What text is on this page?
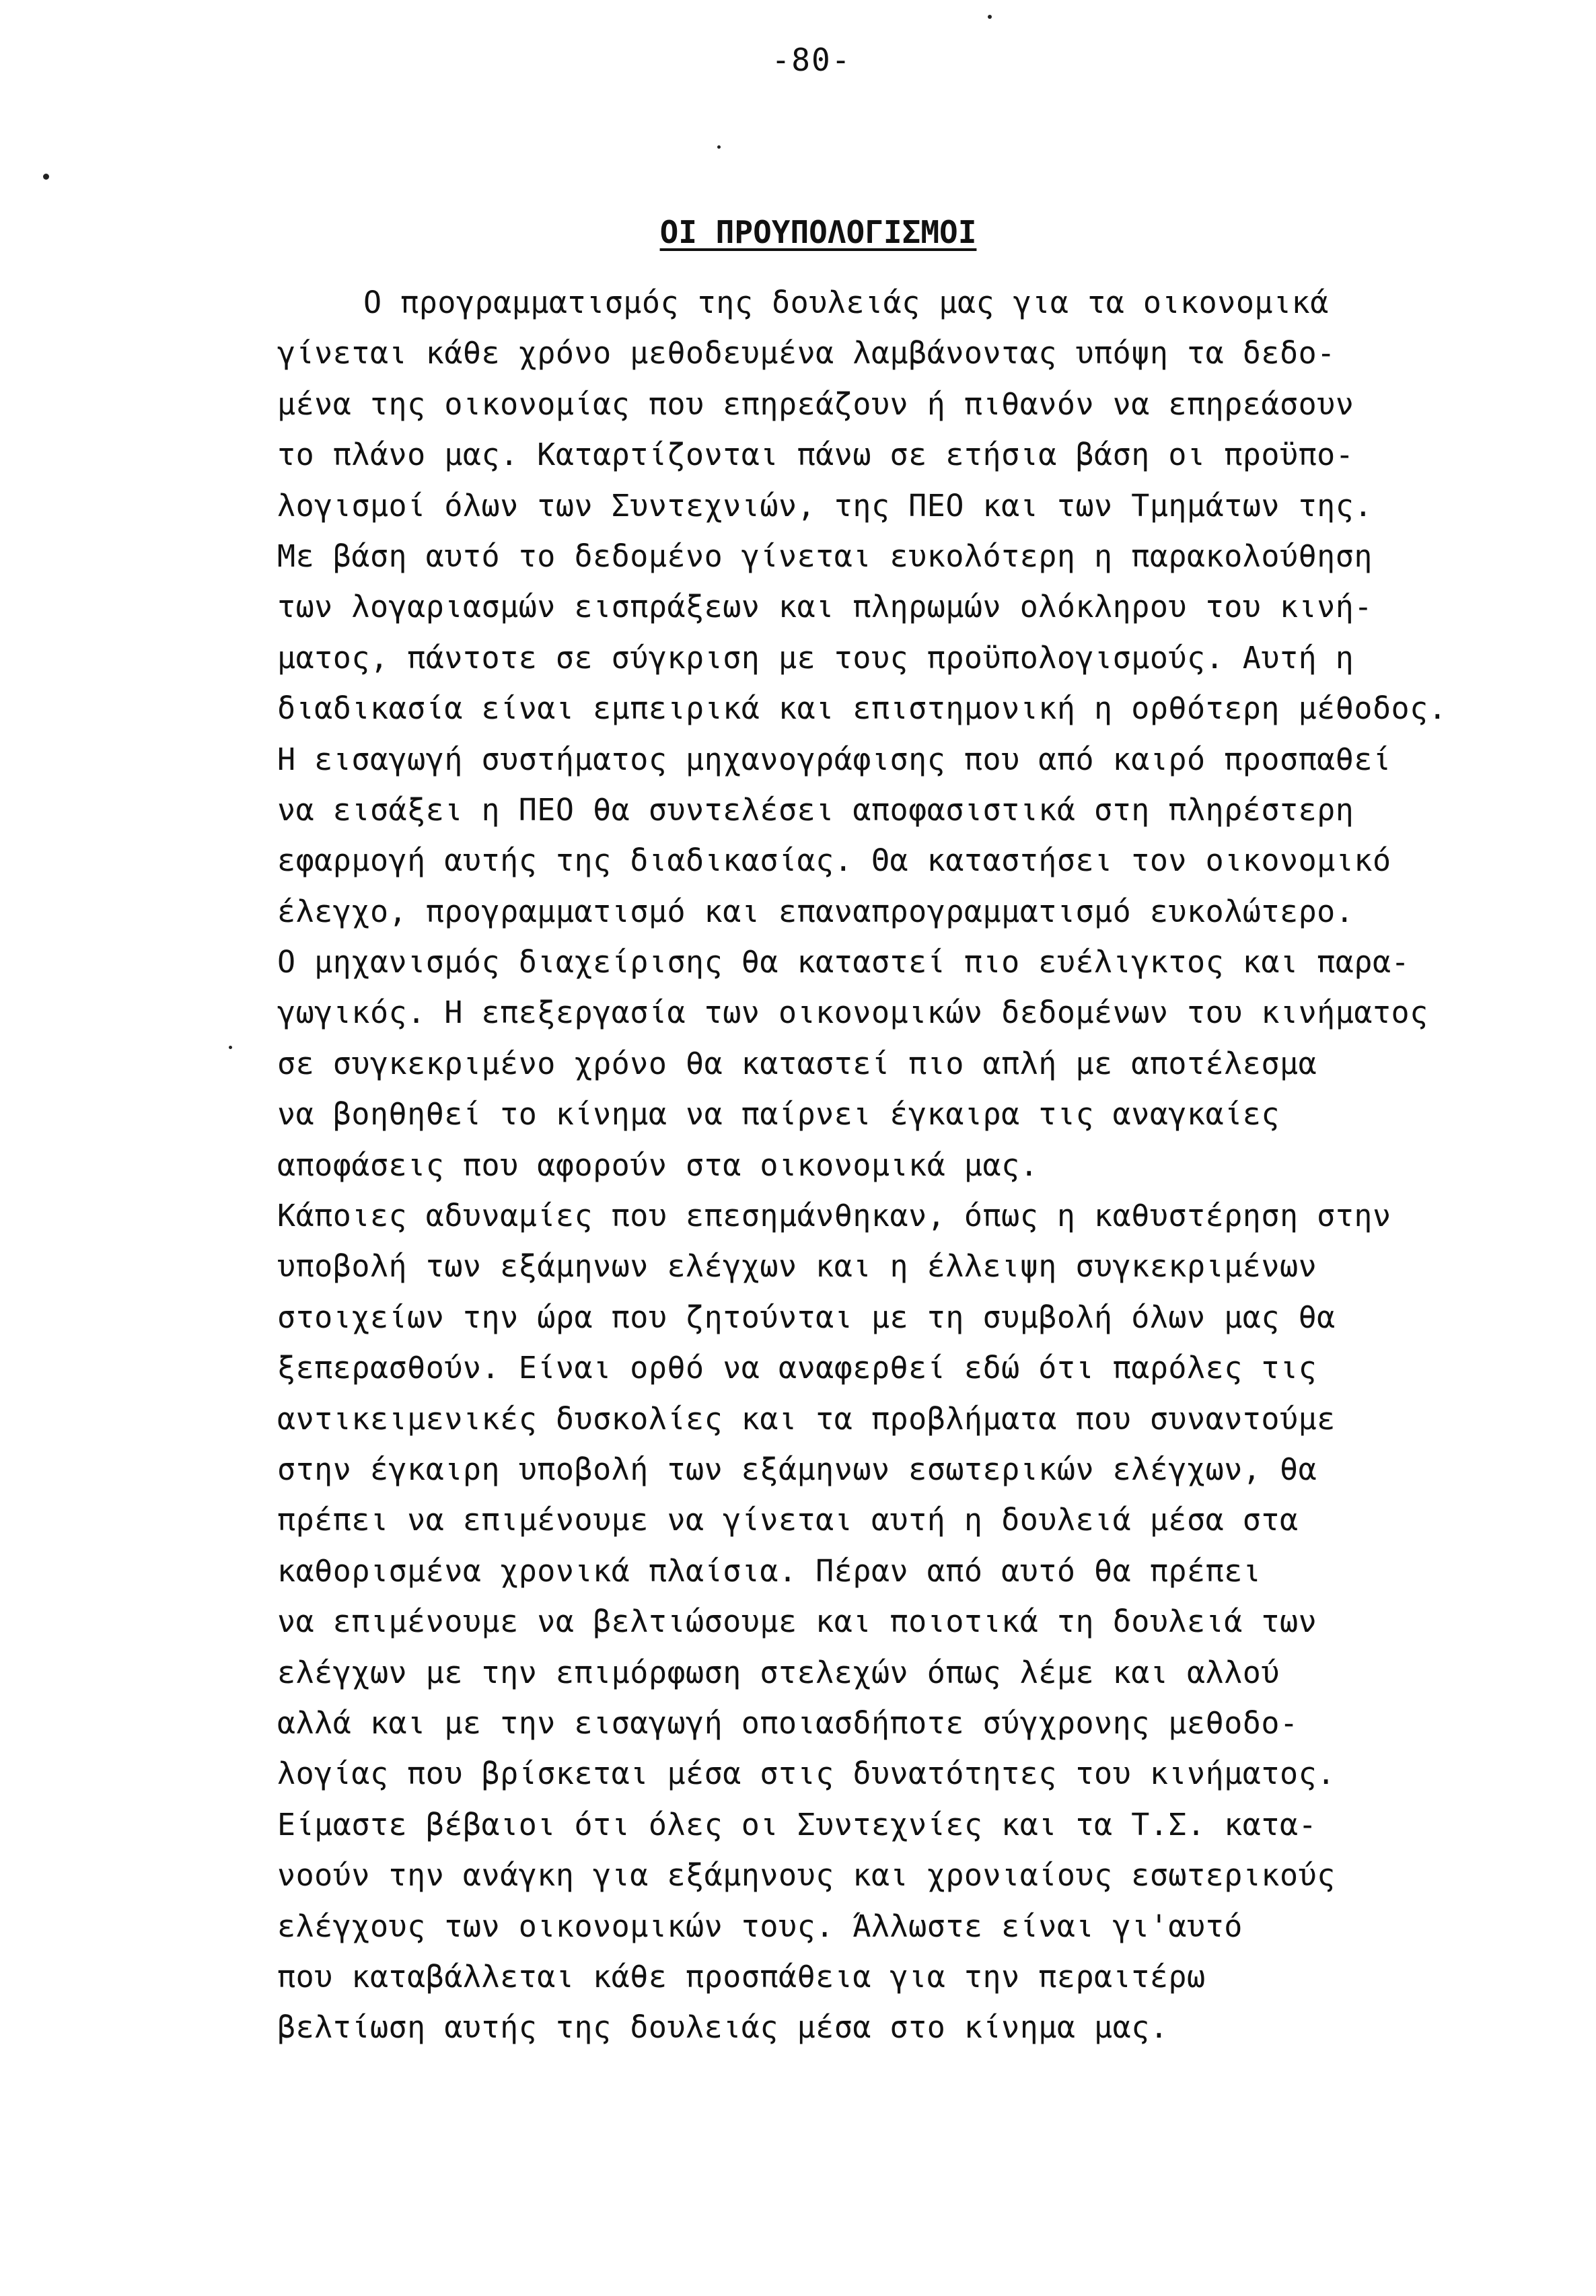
-80-
ΟΙ ΠΡΟΥΠΟΛΟΓΙΣΜΟΙ
Ο προγραμματισμός της δουλειάς μας για τα οικονομικά
γίνεται κάθε χρόνο μεθοδευμένα λαμβάνοντας υπόψη τα δεδο-
μένα της οικονομίας που επηρεάζουν ή πιθανόν να επηρεάσουν
το πλάνο μας. Καταρτίζονται πάνω σε ετήσια βάση οι προϋπο-
λογισμοί όλων των Συντεχνιών, της ΠΕΟ και των Τμημάτων της.
Με βάση αυτό το δεδομένο γίνεται ευκολότερη η παρακολούθηση
των λογαριασμών εισπράξεων και πληρωμών ολόκληρου του κινή-
ματος, πάντοτε σε σύγκριση με τους προϋπολογισμούς. Αυτή η
διαδικασία είναι εμπειρικά και επιστημονική η ορθότερη μέθοδος.
Η εισαγωγή συστήματος μηχανογράφισης που από καιρό προσπαθεί
να εισάξει η ΠΕΟ θα συντελέσει αποφασιστικά στη πληρέστερη
εφαρμογή αυτής της διαδικασίας. Θα καταστήσει τον οικονομικό
έλεγχο, προγραμματισμό και επαναπρογραμματισμό ευκολώτερο.
Ο μηχανισμός διαχείρισης θα καταστεί πιο ευέλιγκτος και παρα-
γωγικός. Η επεξεργασία των οικονομικών δεδομένων του κινήματος
σε συγκεκριμένο χρόνο θα καταστεί πιο απλή με αποτέλεσμα
να βοηθηθεί το κίνημα να παίρνει έγκαιρα τις αναγκαίες
αποφάσεις που αφορούν στα οικονομικά μας.
Κάποιες αδυναμίες που επεσημάνθηκαν, όπως η καθυστέρηση στην
υποβολή των εξάμηνων ελέγχων και η έλλειψη συγκεκριμένων
στοιχείων την ώρα που ζητούνται με τη συμβολή όλων μας θα
ξεπερασθούν. Είναι ορθό να αναφερθεί εδώ ότι παρόλες τις
αντικειμενικές δυσκολίες και τα προβλήματα που συναντούμε
στην έγκαιρη υποβολή των εξάμηνων εσωτερικών ελέγχων, θα
πρέπει να επιμένουμε να γίνεται αυτή η δουλειά μέσα στα
καθορισμένα χρονικά πλαίσια. Πέραν από αυτό θα πρέπει
να επιμένουμε να βελτιώσουμε και ποιοτικά τη δουλειά των
ελέγχων με την επιμόρφωση στελεχών όπως λέμε και αλλού
αλλά και με την εισαγωγή οποιασδήποτε σύγχρονης μεθοδο-
λογίας που βρίσκεται μέσα στις δυνατότητες του κινήματος.
Είμαστε βέβαιοι ότι όλες οι Συντεχνίες και τα Τ.Σ. κατα-
νοούν την ανάγκη για εξάμηνους και χρονιαίους εσωτερικούς
ελέγχους των οικονομικών τους. Άλλωστε είναι γι'αυτό
που καταβάλλεται κάθε προσπάθεια για την περαιτέρω
βελτίωση αυτής της δουλειάς μέσα στο κίνημα μας.
